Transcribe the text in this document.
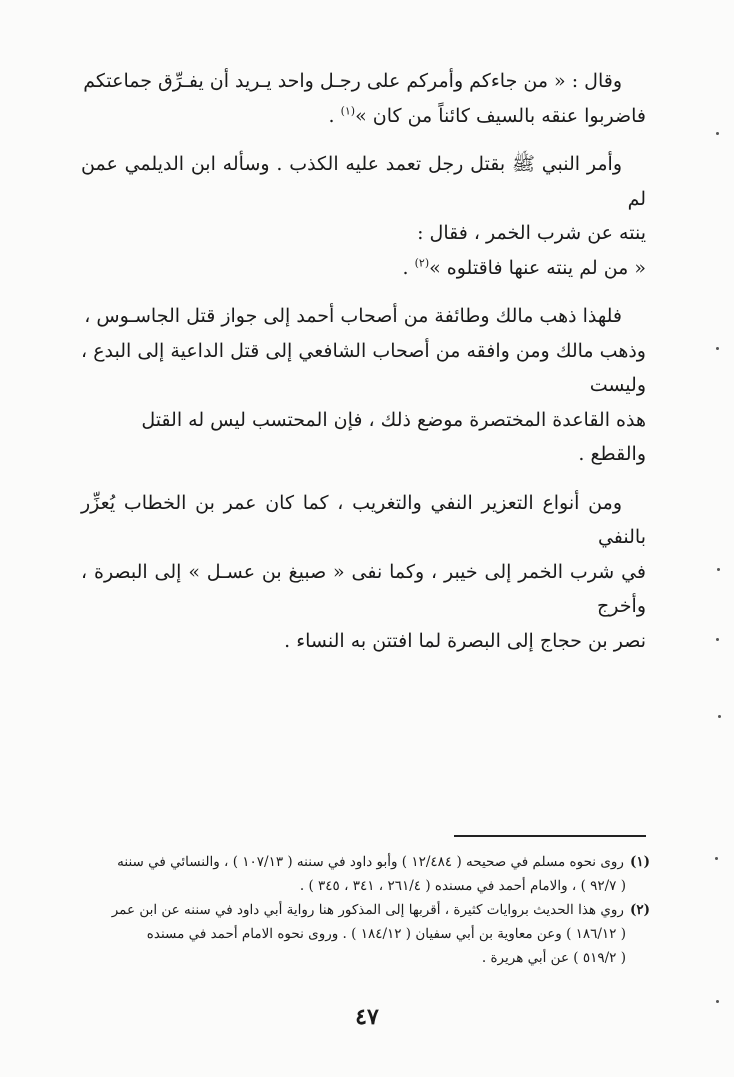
وقال : « من جاءكم وأمركم على رجـل واحد يـريد أن يفـرِّق جماعتكم
فاضربوا عنقه بالسيف كائناً من كان »$^{(١)}$ .

وأمر النبي ﷺ بقتل رجل تعمد عليه الكذب . وسأله ابن الديلمي عمن لم
ينته عن شرب الخمر ، فقال :
« من لم ينته عنها فاقتلوه »$^{(٢)}$ .

فلهذا ذهب مالك وطائفة من أصحاب أحمد إلى جواز قتل الجاسـوس ،
وذهب مالك ومن وافقه من أصحاب الشافعي إلى قتل الداعية إلى البدع ، وليست
هذه القاعدة المختصرة موضع ذلك ، فإن المحتسب ليس له القتل والقطع .

ومن أنواع التعزير النفي والتغريب ، كما كان عمر بن الخطاب يُعزِّر بالنفي
في شرب الخمر إلى خيبر ، وكما نفى « صبيغ بن عسـل » إلى البصرة ، وأخرج
نصر بن حجاج إلى البصرة لما افتتن به النساء .

(١)روى نحوه مسلم في صحيحه ( ١٢/٤٨٤ ) وأبو داود في سننه ( ١٠٧/١٣ ) ، والنسائي في سننه
( ٩٢/٧ ) ، والامام أحمد في مسنده ( ٢٦١/٤ ، ٣٤١ ، ٣٤٥ ) .
(٢)روي هذا الحديث بروايات كثيرة ، أقربها إلى المذكور هنا رواية أبي داود في سننه عن ابن عمر
( ١٨٦/١٢ ) وعن معاوية بن أبي سفيان ( ١٨٤/١٢ ) . وروى نحوه الامام أحمد في مسنده
( ٥١٩/٢ ) عن أبي هريرة .
٤٧
